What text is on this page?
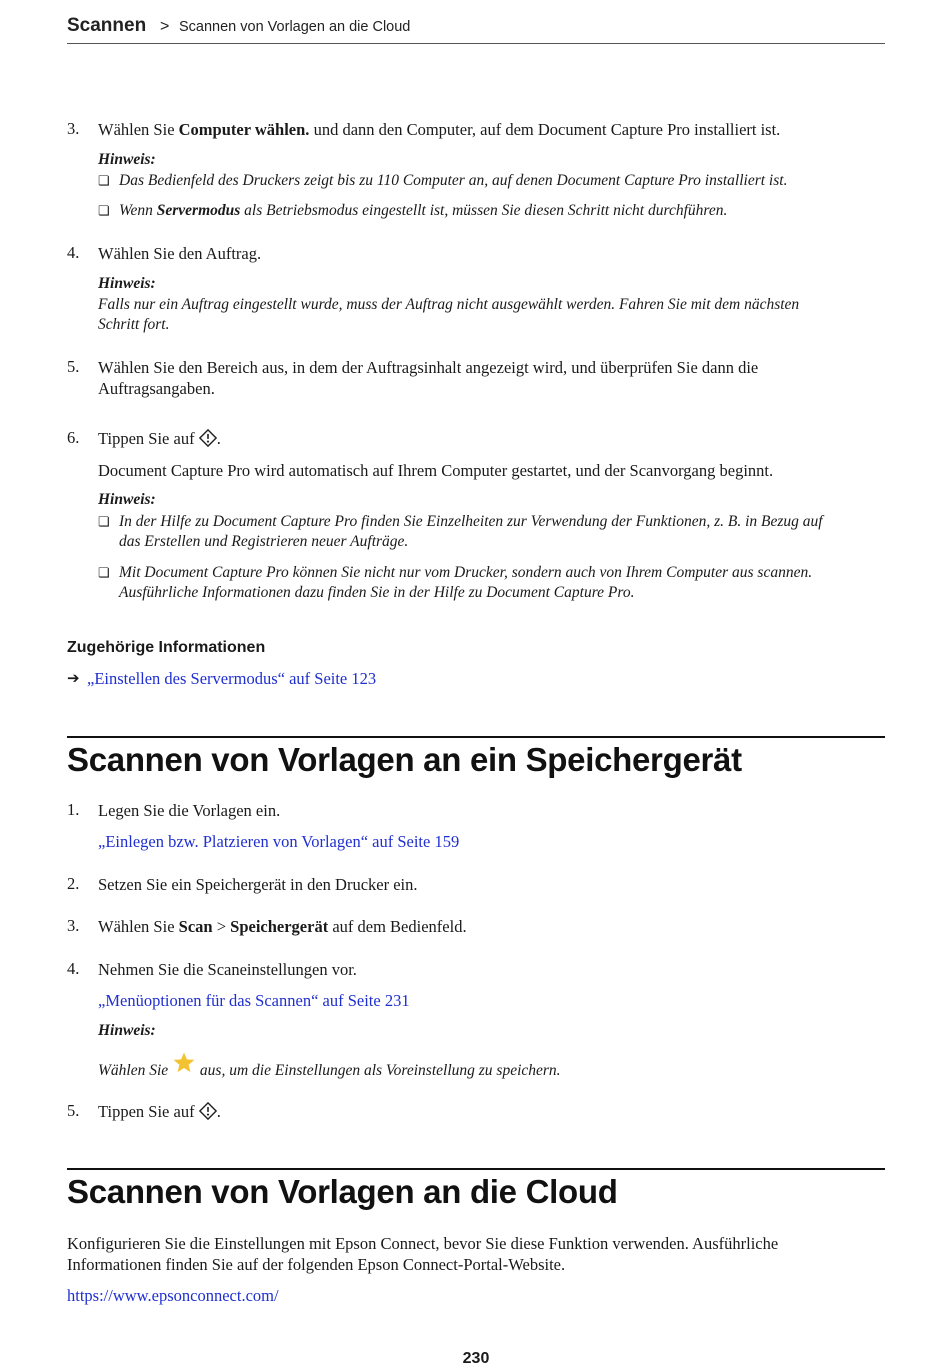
Scannen > Scannen von Vorlagen an die Cloud
3. Wählen Sie Computer wählen. und dann den Computer, auf dem Document Capture Pro installiert ist.
Hinweis:
❏ Das Bedienfeld des Druckers zeigt bis zu 110 Computer an, auf denen Document Capture Pro installiert ist.
❏ Wenn Servermodus als Betriebsmodus eingestellt ist, müssen Sie diesen Schritt nicht durchführen.
4. Wählen Sie den Auftrag.
Hinweis:
Falls nur ein Auftrag eingestellt wurde, muss der Auftrag nicht ausgewählt werden. Fahren Sie mit dem nächsten
Schritt fort.
5. Wählen Sie den Bereich aus, in dem der Auftragsinhalt angezeigt wird, und überprüfen Sie dann die
Auftragsangaben.
6. Tippen Sie auf .
Document Capture Pro wird automatisch auf Ihrem Computer gestartet, und der Scanvorgang beginnt.
Hinweis:
❏ In der Hilfe zu Document Capture Pro finden Sie Einzelheiten zur Verwendung der Funktionen, z. B. in Bezug auf
das Erstellen und Registrieren neuer Aufträge.
❏ Mit Document Capture Pro können Sie nicht nur vom Drucker, sondern auch von Ihrem Computer aus scannen.
Ausführliche Informationen dazu finden Sie in der Hilfe zu Document Capture Pro.
Zugehörige Informationen
➔ „Einstellen des Servermodus“ auf Seite 123
Scannen von Vorlagen an ein Speichergerät
1. Legen Sie die Vorlagen ein.
„Einlegen bzw. Platzieren von Vorlagen“ auf Seite 159
2. Setzen Sie ein Speichergerät in den Drucker ein.
3. Wählen Sie Scan > Speichergerät auf dem Bedienfeld.
4. Nehmen Sie die Scaneinstellungen vor.
„Menüoptionen für das Scannen“ auf Seite 231
Hinweis:
Wählen Sie aus, um die Einstellungen als Voreinstellung zu speichern.
5. Tippen Sie auf .
Scannen von Vorlagen an die Cloud
Konfigurieren Sie die Einstellungen mit Epson Connect, bevor Sie diese Funktion verwenden. Ausführliche
Informationen finden Sie auf der folgenden Epson Connect-Portal-Website.
https://www.epsonconnect.com/
230
